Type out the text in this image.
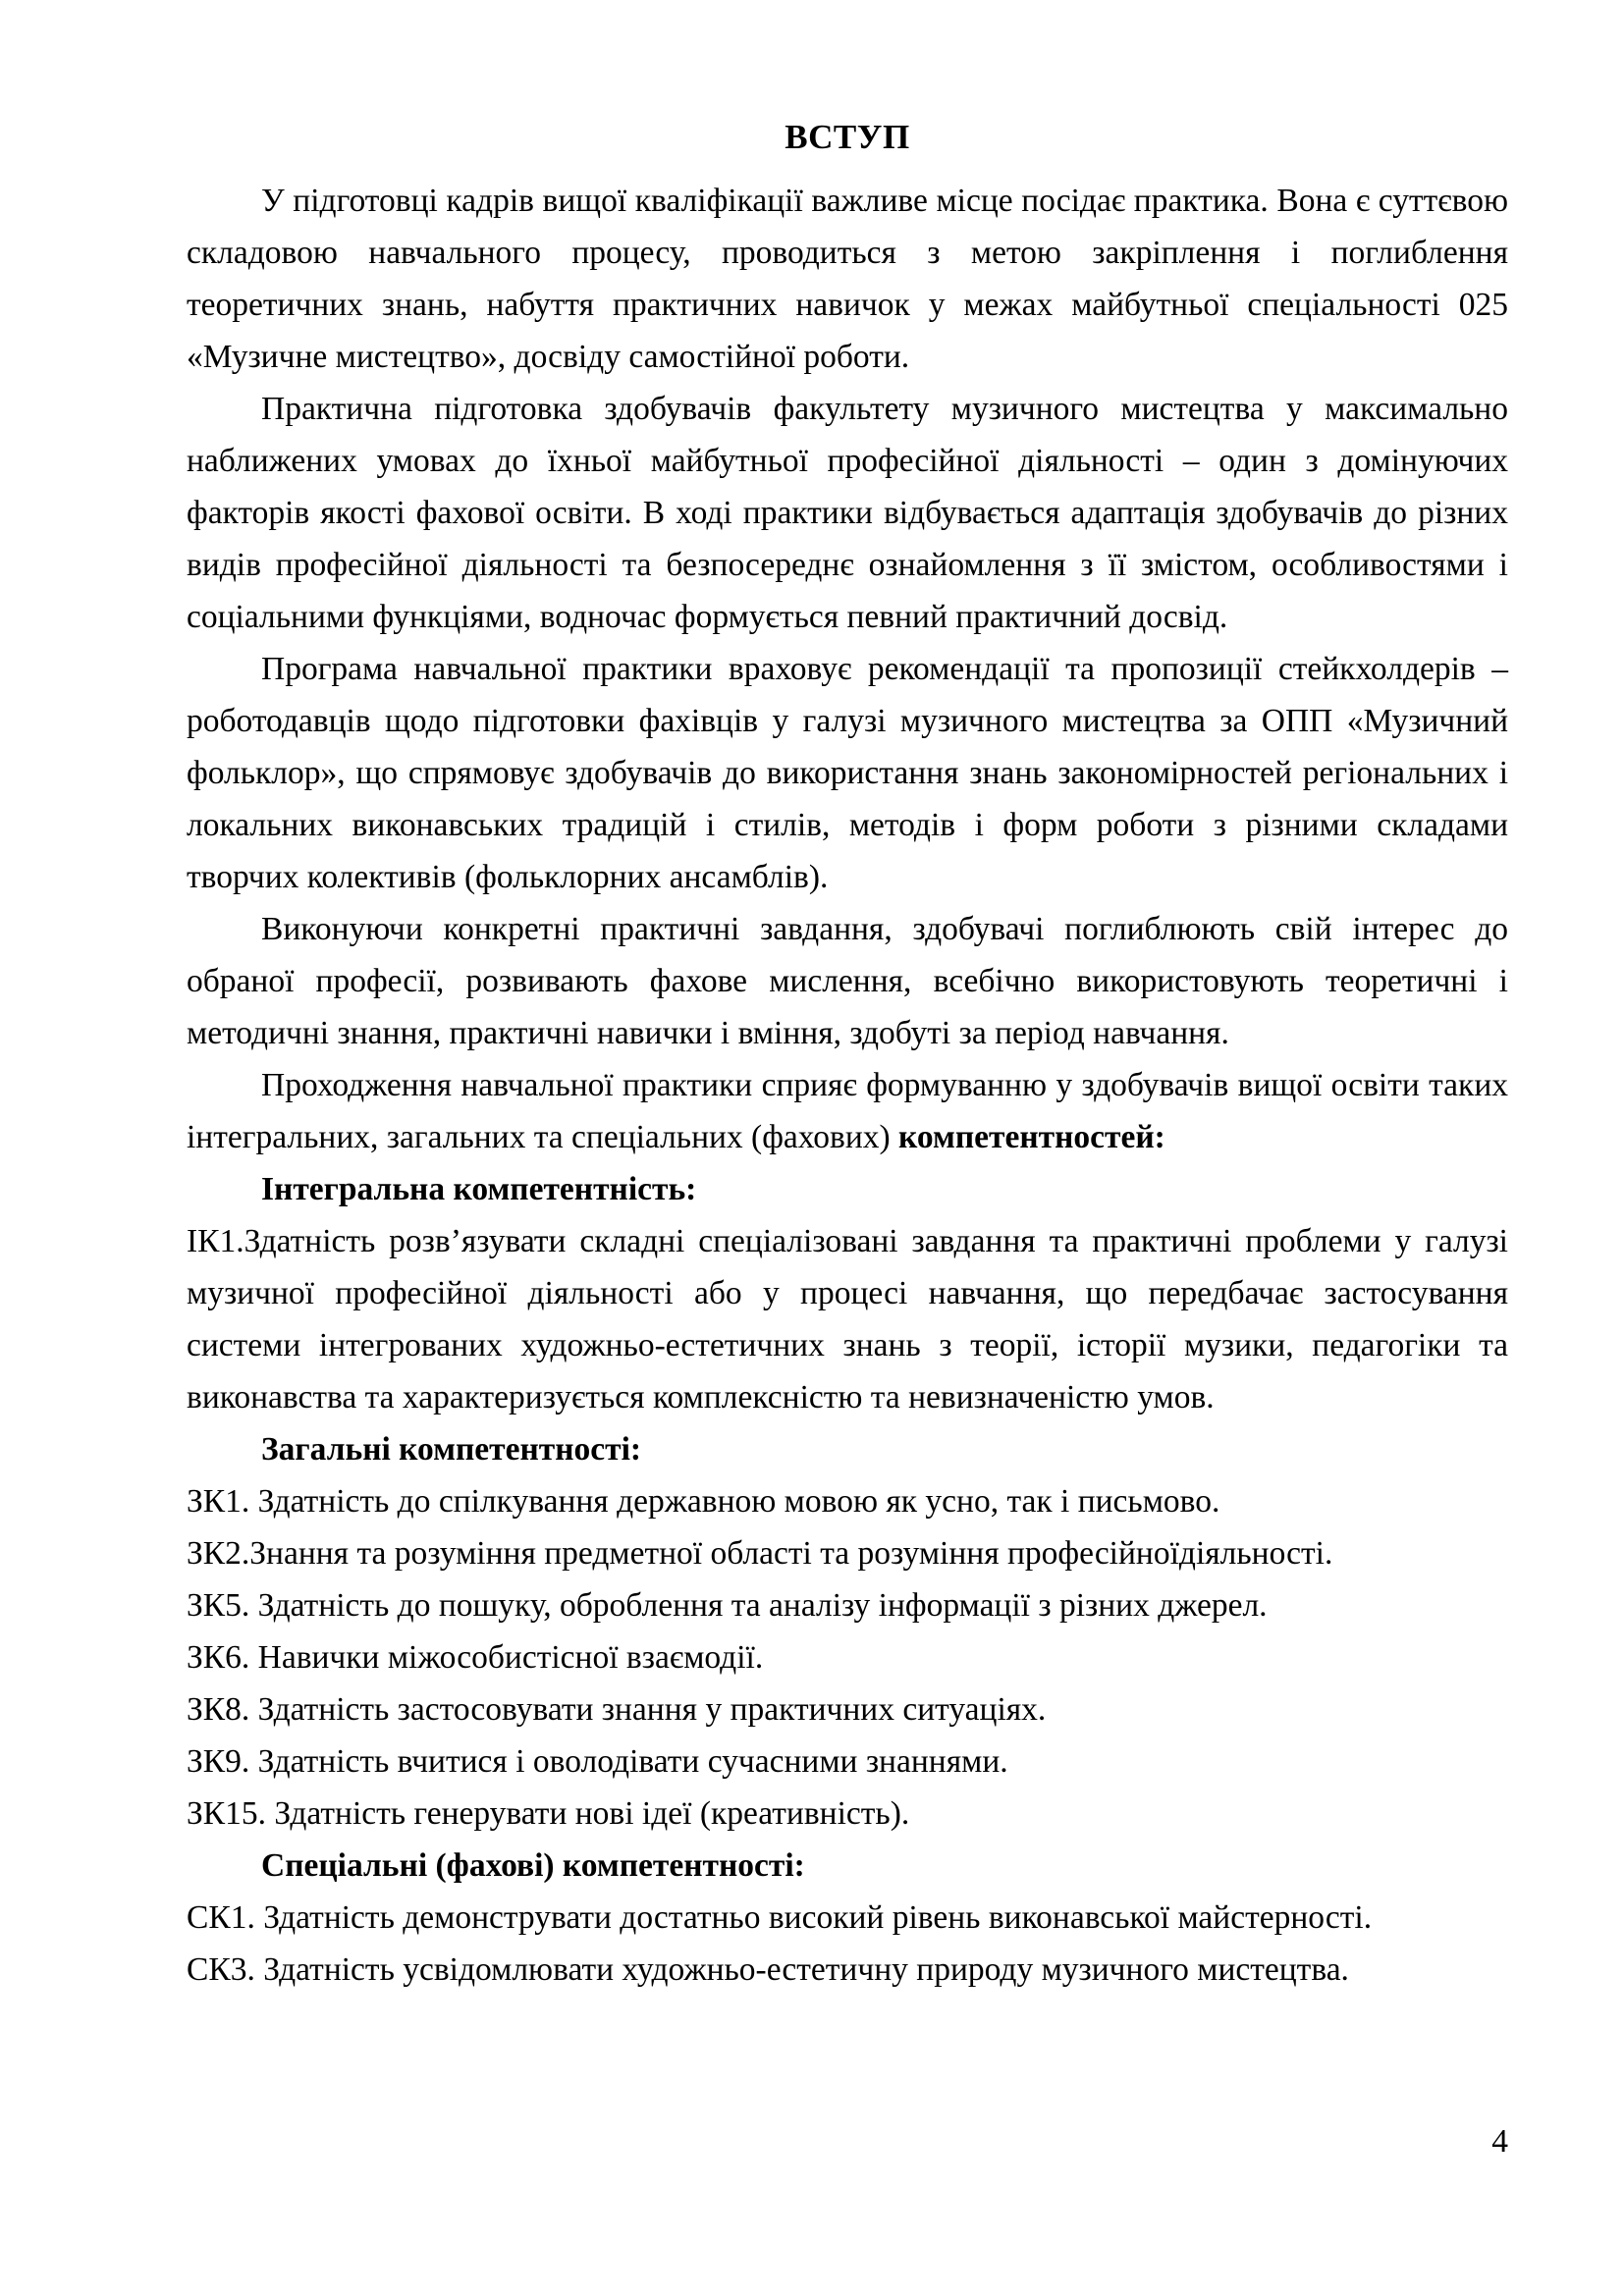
ВСТУП

У підготовці кадрів вищої кваліфікації важливе місце посідає практика. Вона є суттєвою складовою навчального процесу, проводиться з метою закріплення і поглиблення теоретичних знань, набуття практичних навичок у межах майбутньої спеціальності 025 «Музичне мистецтво», досвіду самостійної роботи.

Практична підготовка здобувачів факультету музичного мистецтва у максимально наближених умовах до їхньої майбутньої професійної діяльності – один з домінуючих факторів якості фахової освіти. В ході практики відбувається адаптація здобувачів до різних видів професійної діяльності та безпосереднє ознайомлення з її змістом, особливостями і соціальними функціями, водночас формується певний практичний досвід.

Програма навчальної практики враховує рекомендації та пропозиції стейкхолдерів – роботодавців щодо підготовки фахівців у галузі музичного мистецтва за ОПП «Музичний фольклор», що спрямовує здобувачів до використання знань закономірностей регіональних і локальних виконавських традицій і стилів, методів і форм роботи з різними складами творчих колективів (фольклорних ансамблів).

Виконуючи конкретні практичні завдання, здобувачі поглиблюють свій інтерес до обраної професії, розвивають фахове мислення, всебічно використовують теоретичні і методичні знання, практичні навички і вміння, здобуті за період навчання.

Проходження навчальної практики сприяє формуванню у здобувачів вищої освіти таких інтегральних, загальних та спеціальних (фахових) компетентностей:

Інтегральна компетентність:

ІК1.Здатність розв’язувати складні спеціалізовані завдання та практичні проблеми у галузі музичної професійної діяльності або у процесі навчання, що передбачає застосування системи інтегрованих художньо-естетичних знань з теорії, історії музики, педагогіки та виконавства та характеризується комплексністю та невизначеністю умов.

Загальні компетентності:

ЗК1. Здатність до спілкування державною мовою як усно, так і письмово.

ЗК2.Знання та розуміння предметної області та розуміння професійноїдіяльності.

ЗК5. Здатність до пошуку, оброблення та аналізу інформації з різних джерел.

ЗК6. Навички міжособистісної взаємодії.

ЗК8. Здатність застосовувати знання у практичних ситуаціях.

ЗК9. Здатність вчитися і оволодівати сучасними знаннями.

ЗК15. Здатність генерувати нові ідеї (креативність).

Спеціальні (фахові) компетентності:

СК1. Здатність демонструвати достатньо високий рівень виконавської майстерності.

СК3. Здатність усвідомлювати художньо-естетичну природу музичного мистецтва.

4
